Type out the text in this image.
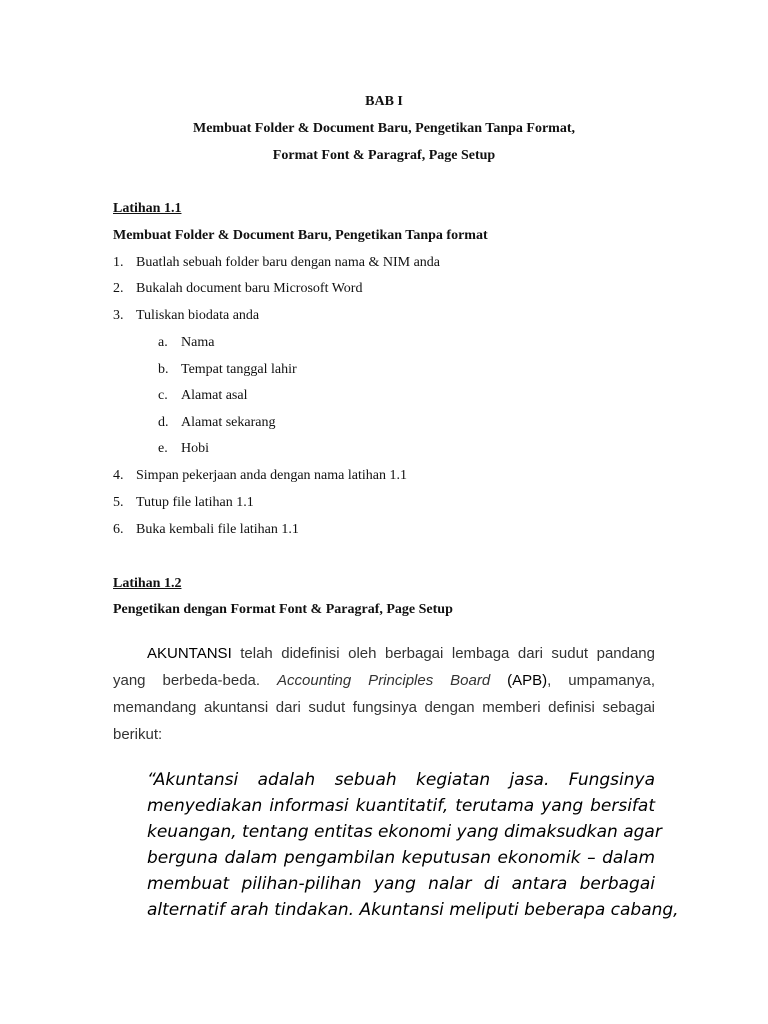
BAB I
Membuat Folder & Document Baru, Pengetikan Tanpa Format,
Format Font & Paragraf, Page Setup
Latihan 1.1
Membuat Folder & Document Baru, Pengetikan Tanpa format
1. Buatlah sebuah folder baru dengan nama & NIM anda
2. Bukalah document baru Microsoft Word
3. Tuliskan biodata anda
a. Nama
b. Tempat tanggal lahir
c. Alamat asal
d. Alamat sekarang
e. Hobi
4. Simpan pekerjaan anda dengan nama latihan 1.1
5. Tutup file latihan 1.1
6. Buka kembali file latihan 1.1
Latihan 1.2
Pengetikan dengan Format Font & Paragraf, Page Setup
AKUNTANSI telah didefinisi oleh berbagai lembaga dari sudut pandang
yang berbeda-beda. Accounting Principles Board (APB), umpamanya,
memandang akuntansi dari sudut fungsinya dengan memberi definisi sebagai
berikut:
“Akuntansi adalah sebuah kegiatan jasa. Fungsinya
menyediakan informasi kuantitatif, terutama yang bersifat
keuangan, tentang entitas ekonomi yang dimaksudkan agar
berguna dalam pengambilan keputusan ekonomik – dalam
membuat pilihan-pilihan yang nalar di antara berbagai
alternatif arah tindakan. Akuntansi meliputi beberapa cabang,
